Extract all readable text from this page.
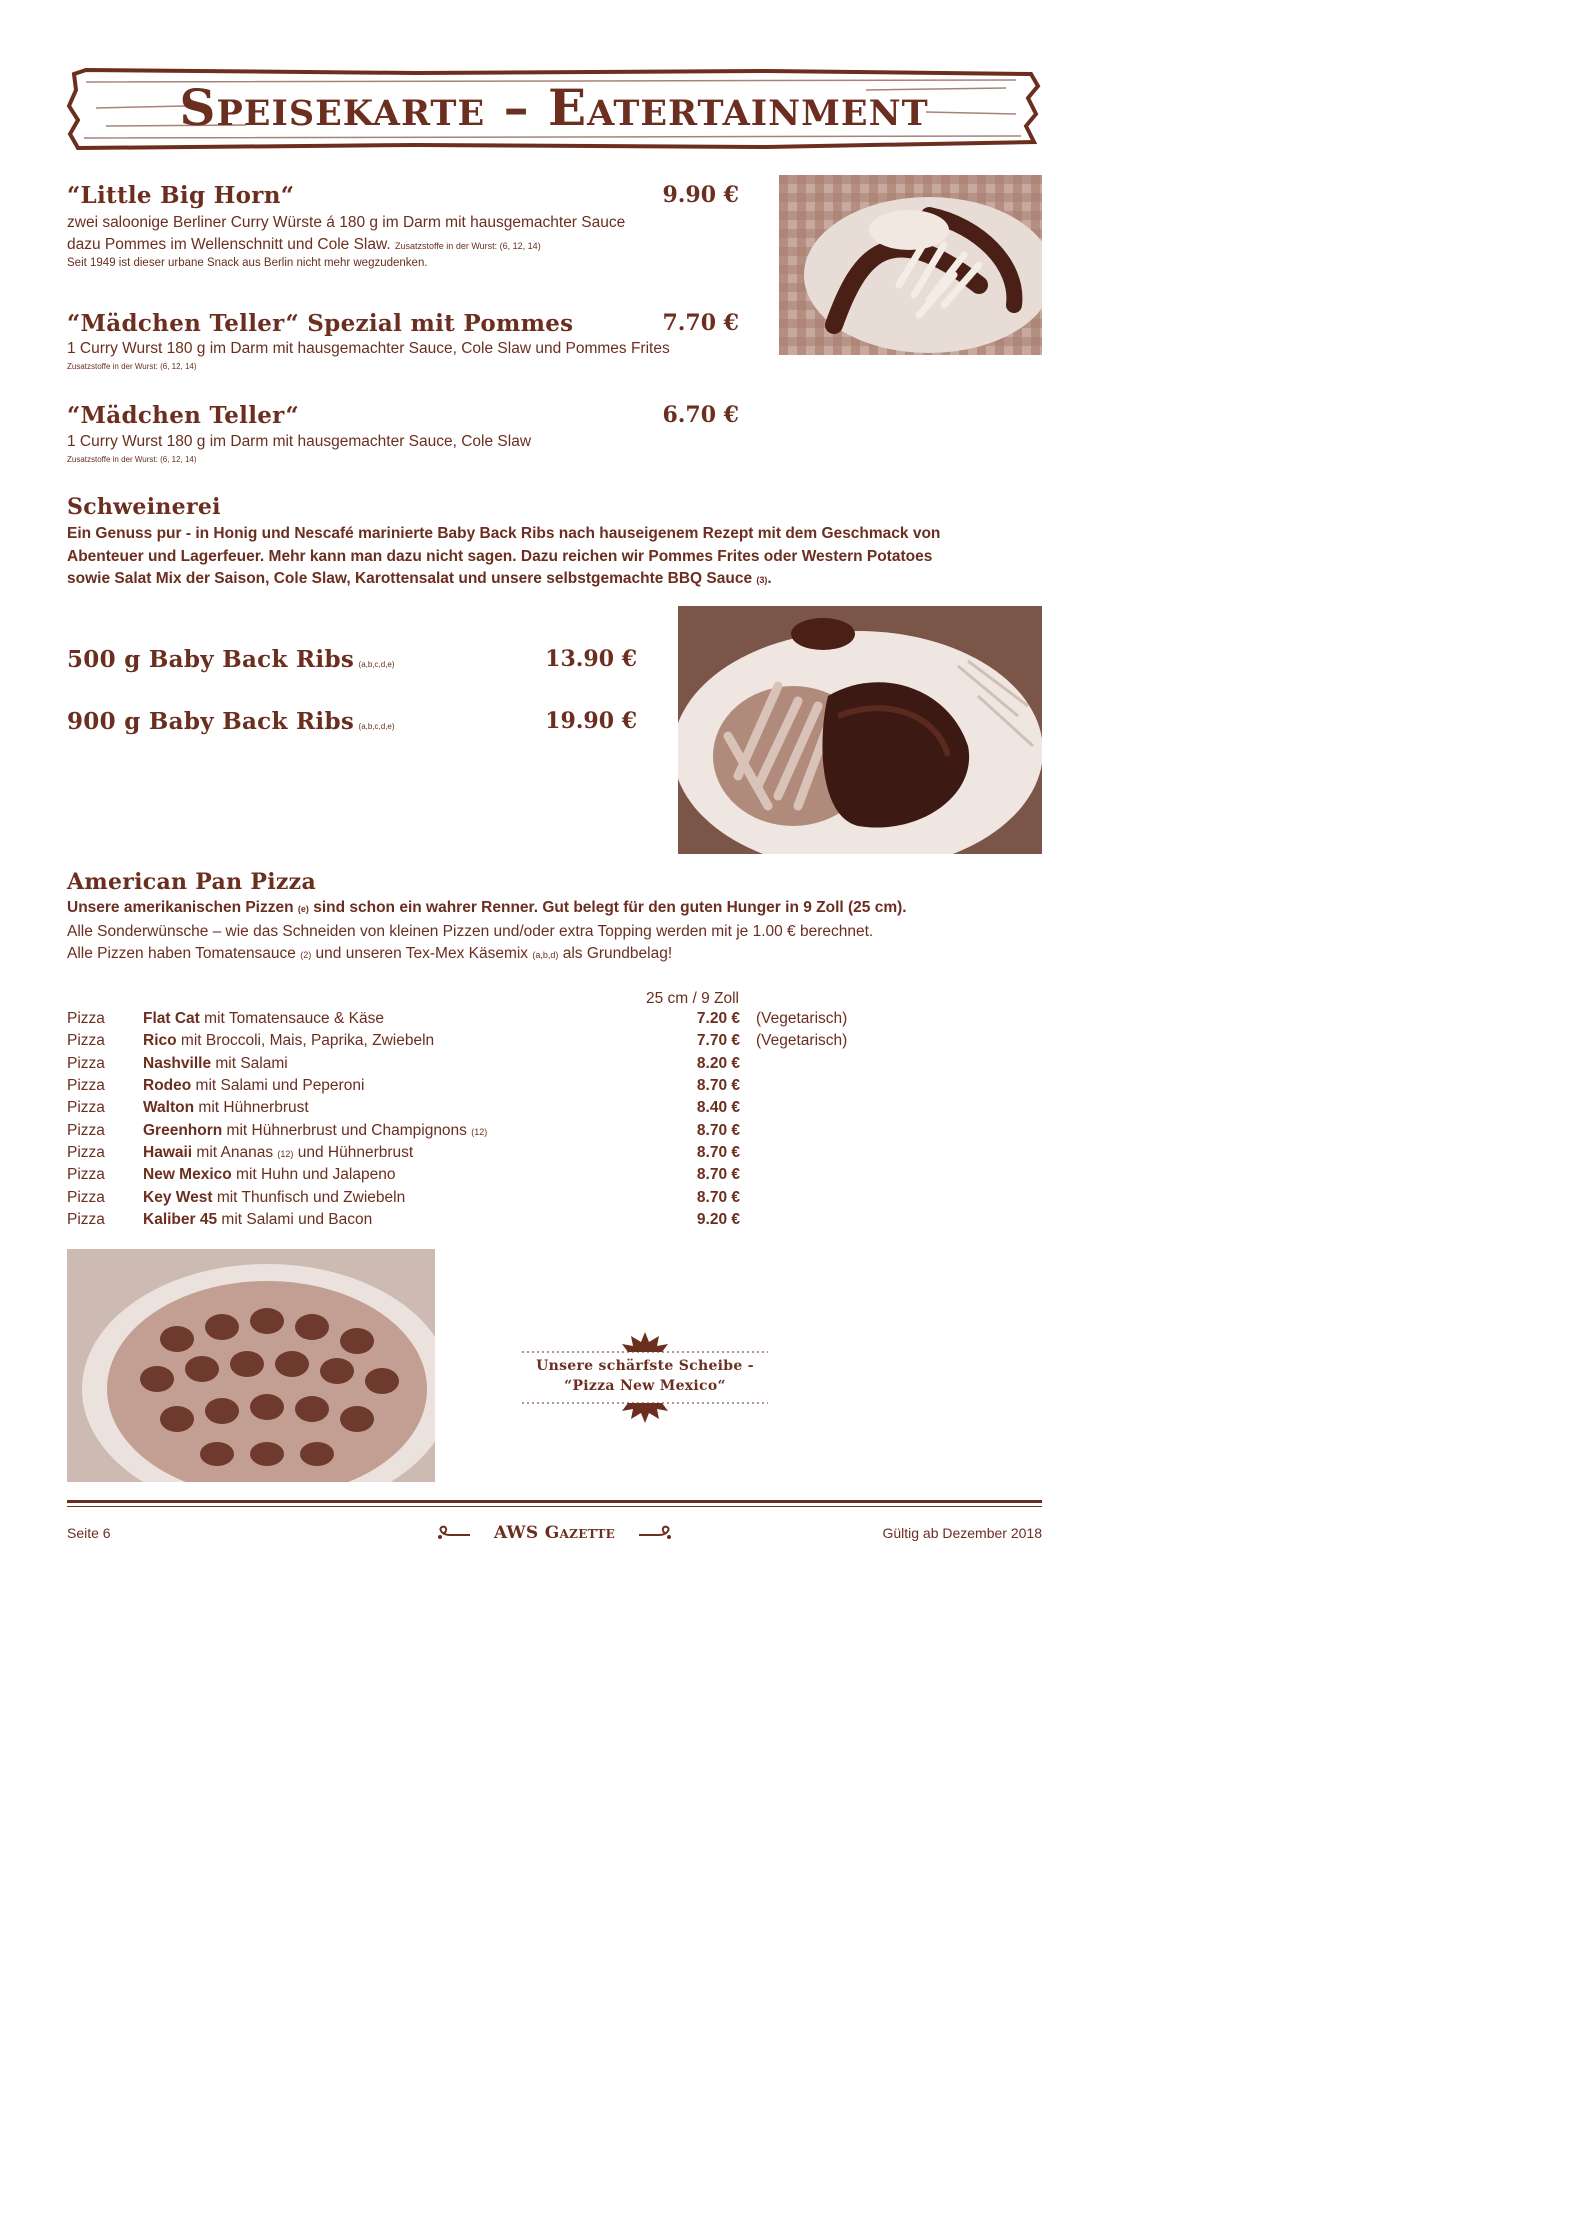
Speisekarte – Eatertainment
“Little Big Horn“	9.90 €
zwei saloonige Berliner Curry Würste á 180 g im Darm mit hausgemachter Sauce
dazu Pommes im Wellenschnitt und Cole Slaw. Zusatzstoffe in der Wurst: (6, 12, 14)
Seit 1949 ist dieser urbane Snack aus Berlin nicht mehr wegzudenken.
“Mädchen Teller“ Spezial mit Pommes	7.70 €
1 Curry Wurst 180 g im Darm mit hausgemachter Sauce, Cole Slaw und Pommes Frites
Zusatzstoffe in der Wurst: (6, 12, 14)
“Mädchen Teller“	6.70 €
1 Curry Wurst 180 g im Darm mit hausgemachter Sauce, Cole Slaw
Zusatzstoffe in der Wurst: (6, 12, 14)
Schweinerei
Ein Genuss pur - in Honig und Nescafé marinierte Baby Back Ribs nach hauseigenem Rezept mit dem Geschmack von
Abenteuer und Lagerfeuer. Mehr kann man dazu nicht sagen. Dazu reichen wir Pommes Frites oder Western Potatoes
sowie Salat Mix der Saison, Cole Slaw, Karottensalat und unsere selbstgemachte BBQ Sauce (3).
500 g Baby Back Ribs (a,b,c,d,e)	13.90 €
900 g Baby Back Ribs (a,b,c,d,e)	19.90 €
American Pan Pizza
Unsere amerikanischen Pizzen (e) sind schon ein wahrer Renner. Gut belegt für den guten Hunger in 9 Zoll (25 cm).
Alle Sonderwünsche – wie das Schneiden von kleinen Pizzen und/oder extra Topping werden mit je 1.00 € berechnet.
Alle Pizzen haben Tomatensauce (2) und unseren Tex-Mex Käsemix (a,b,d) als Grundbelag!
25 cm / 9 Zoll
Pizza Flat Cat mit Tomatensauce & Käse	7.20 € (Vegetarisch)
Pizza Rico mit Broccoli, Mais, Paprika, Zwiebeln	7.70 € (Vegetarisch)
Pizza Nashville mit Salami	8.20 €
Pizza Rodeo mit Salami und Peperoni	8.70 €
Pizza Walton mit Hühnerbrust	8.40 €
Pizza Greenhorn mit Hühnerbrust und Champignons (12)	8.70 €
Pizza Hawaii mit Ananas (12) und Hühnerbrust	8.70 €
Pizza New Mexico mit Huhn und Jalapeno	8.70 €
Pizza Key West mit Thunfisch und Zwiebeln	8.70 €
Pizza Kaliber 45 mit Salami und Bacon	9.20 €
Unsere schärfste Scheibe -
“Pizza New Mexico“
Seite 6	AWS Gazette	Gültig ab Dezember 2018
